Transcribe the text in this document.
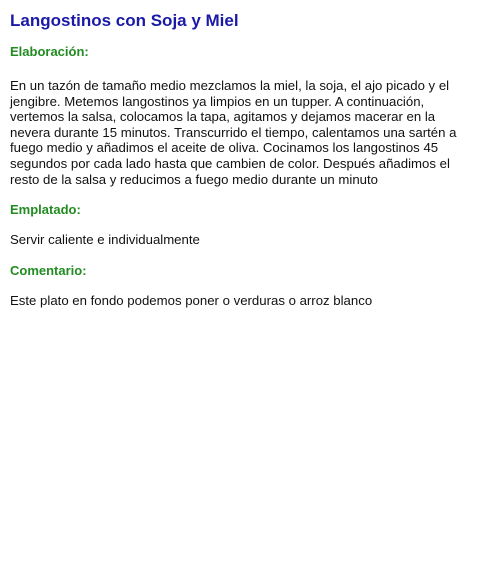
Langostinos con Soja y Miel
Elaboración:

En un tazón de tamaño medio mezclamos la miel, la soja, el ajo picado y el jengibre. Metemos langostinos ya limpios en un tupper. A continuación, vertemos la salsa, colocamos la tapa, agitamos y dejamos macerar en la nevera durante 15 minutos. Transcurrido el tiempo, calentamos una sartén a fuego medio y añadimos el aceite de oliva. Cocinamos los langostinos 45 segundos por cada lado hasta que cambien de color. Después añadimos el resto de la salsa y reducimos a fuego medio durante un minuto

Emplatado:

Servir caliente e individualmente

Comentario:

Este plato en fondo podemos poner o verduras o arroz blanco
